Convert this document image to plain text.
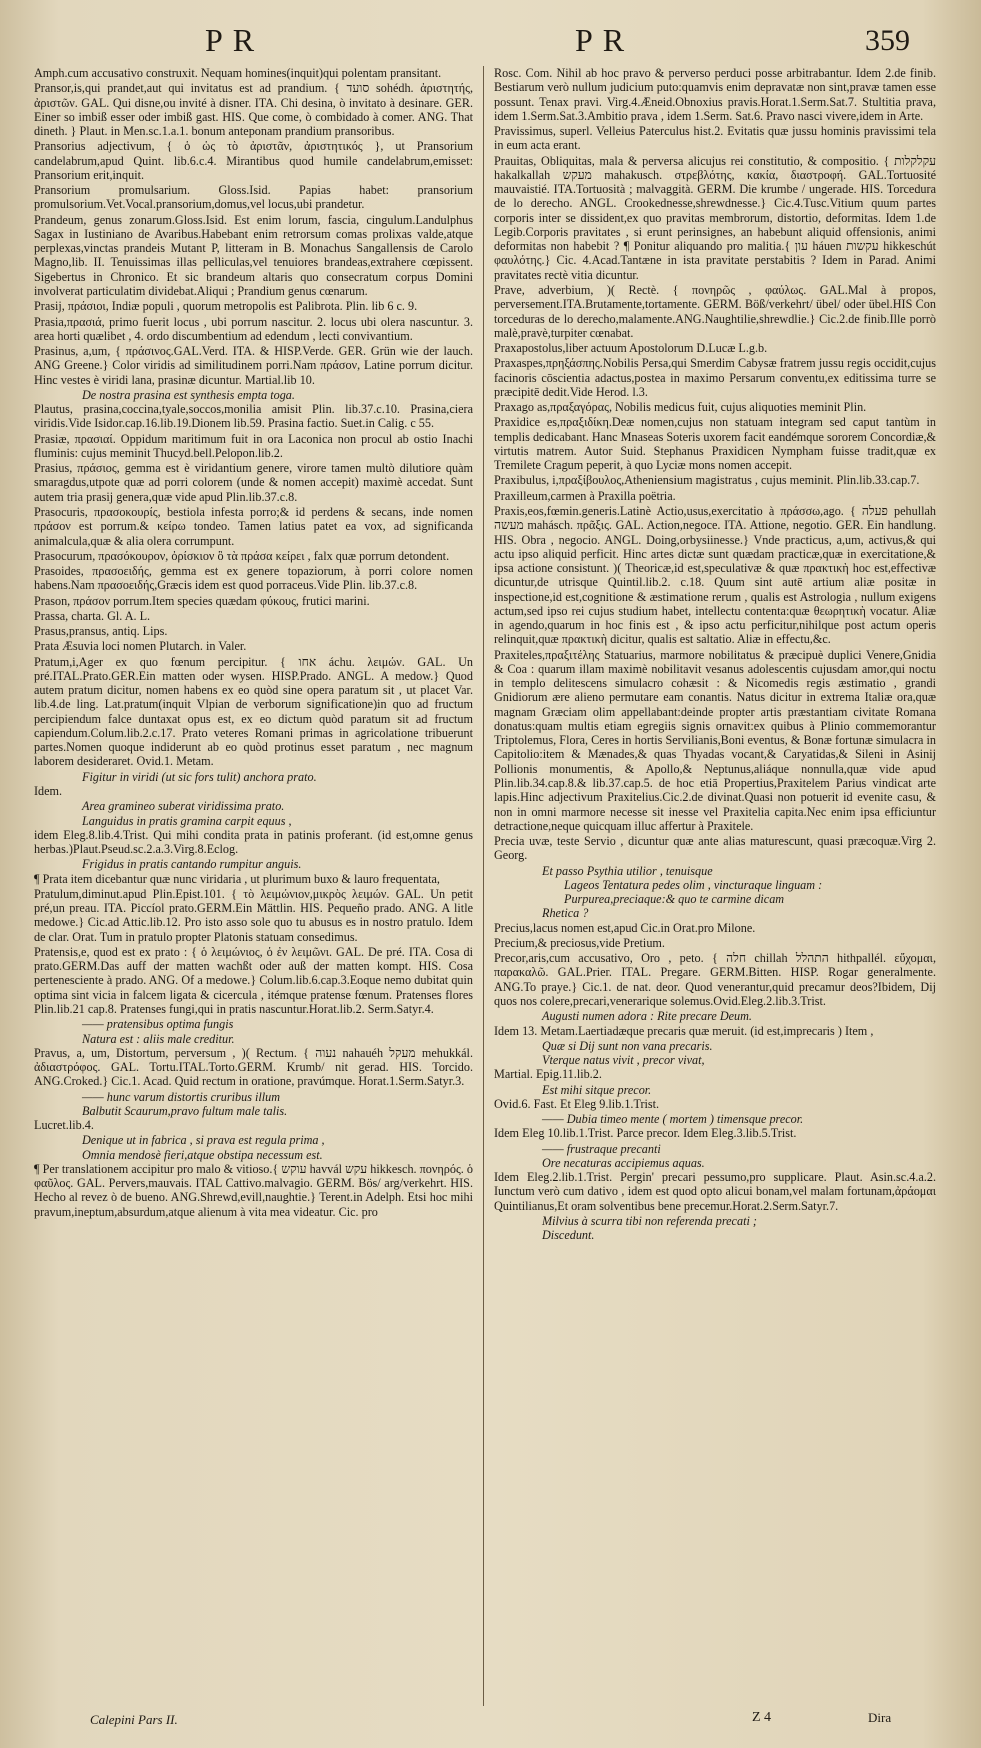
PR	PR	359

Amph.cum accusativo construxit. Nequam homines(inquit)qui polentam pransitant.

Pransor,is,qui prandet,aut qui invitatus est ad prandium. { סועד sohédh. ἀριστητής, ἀριστῶν. GAL. Qui disne,ou invité à disner. ITA. Chi desina, ò invitato à desinare. GER. Einer so imbiß esser oder imbiß gast. HIS. Que come, ò combidado à comer. ANG. That dineth. } Plaut. in Men.sc.1.a.1. bonum anteponam prandium pransoribus.

Pransorius adjectivum, { ὁ ὡς τὸ ἀριστᾶν, ἀριστητικός }, ut Pransorium candelabrum,apud Quint. lib.6.c.4. Mirantibus quod humile candelabrum,emisset: Pransorium erit,inquit.

Pransorium promulsarium. Gloss.Isid. Papias habet: pransorium promulsorium.Vet.Vocal.pransorium,domus,vel locus,ubi prandetur.

Prandeum, genus zonarum.Gloss.Isid. Est enim lorum, fascia, cingulum.Landulphus Sagax in Iustiniano de Avaribus.Habebant enim retrorsum comas prolixas valde,atque perplexas,vinctas prandeis Mutant P, litteram in B. Monachus Sangallensis de Carolo Magno,lib. II. Tenuissimas illas pelliculas,vel tenuiores brandeas,extrahere cœpissent. Sigebertus in Chronico. Et sic brandeum altaris quo consecratum corpus Domini involverat particulatim dividebat.Aliqui ; Prandium genus cœnarum.

Prasij, πράσιοι, Indiæ populi , quorum metropolis est Palibrota. Plin. lib 6 c. 9.

Prasia,πρασιά, primo fuerit locus , ubi porrum nascitur. 2. locus ubi olera nascuntur. 3. area horti quælibet , 4. ordo discumbentium ad edendum , lecti convivantium.

Prasinus, a,um, { πράσινος.GAL.Verd. ITA. & HISP.Verde. GER. Grün wie der lauch. ANG Greene.} Color viridis ad similitudinem porri.Nam πράσον, Latine porrum dicitur. Hinc vestes è viridi lana, prasinæ dicuntur. Martial.lib 10.

De nostra prasina est synthesis empta toga.

Plautus, prasina,coccina,tyale,soccos,monilia amisit Plin. lib.37.c.10. Prasina,ciera viridis.Vide Isidor.cap.16.lib.19.Dionem lib.59. Prasina factio. Suet.in Calig. c 55.

Prasiæ, πρασιαί. Oppidum maritimum fuit in ora Laconica non procul ab ostio Inachi fluminis: cujus meminit Thucyd.bell.Pelopon.lib.2.

Prasius, πράσιος, gemma est è viridantium genere, virore tamen multò dilutiore quàm smaragdus,utpote quæ ad porri colorem (unde & nomen accepit) maximè accedat. Sunt autem tria prasij genera,quæ vide apud Plin.lib.37.c.8.

Prasocuris, πρασοκουρίς, bestiola infesta porro;& id perdens & secans, inde nomen πράσον est porrum.& κείρω tondeo. Tamen latius patet ea vox, ad significanda animalcula,quæ & alia olera corrumpunt.

Prasocurum, πρασόκουρον, ὀρίσκιον ὃ τὰ πράσα κείρει , falx quæ porrum detondent.

Prasoides, πρασοειδής, gemma est ex genere topaziorum, à porri colore nomen habens.Nam πρασοειδής,Græcis idem est quod porraceus.Vide Plin. lib.37.c.8.

Prason, πράσον porrum.Item species quædam φύκους, frutici marini.

Prassa, charta. Gl. A. L.

Prasus,pransus, antiq. Lips.

Prata Æsuvia loci nomen Plutarch. in Valer.

Pratum,i,Ager ex quo fœnum percipitur. { אחו áchu. λειμών. GAL. Un pré.ITAL.Prato.GER.Ein matten oder wysen. HISP.Prado. ANGL. A medow.} Quod autem pratum dicitur, nomen habens ex eo quòd sine opera paratum sit , ut placet Var. lib.4.de ling. Lat.pratum(inquit Vlpian de verborum significatione)in quo ad fructum percipiendum falce duntaxat opus est, ex eo dictum quòd paratum sit ad fructum capiendum.Colum.lib.2.c.17. Prato veteres Romani primas in agricolatione tribuerunt partes.Nomen quoque indiderunt ab eo quòd protinus esset paratum , nec magnum laborem desideraret. Ovid.1. Metam.

Figitur in viridi (ut sic fors tulit) anchora prato.

Idem.

Area gramineo suberat viridissima prato.

Languidus in pratis gramina carpit equus ,

idem Eleg.8.lib.4.Trist. Qui mihi condita prata in patinis proferant. (id est,omne genus herbas.)Plaut.Pseud.sc.2.a.3.Virg.8.Eclog.

Frigidus in pratis cantando rumpitur anguis.

¶ Prata item dicebantur quæ nunc viridaria , ut plurimum buxo & lauro frequentata,

Pratulum,diminut.apud Plin.Epist.101. { τὸ λειμώνιον,μικρὸς λειμών. GAL. Un petit pré,un preau. ITA. Piccíol prato.GERM.Ein Mättlin. HIS. Pequeño prado. ANG. A litle medowe.} Cic.ad Attic.lib.12. Pro isto asso sole quo tu abusus es in nostro pratulo. Idem de clar. Orat. Tum in pratulo propter Platonis statuam consedimus.

Pratensis,e, quod est ex prato : { ὁ λειμώνιος, ὁ ἐν λειμῶνι. GAL. De pré. ITA. Cosa di prato.GERM.Das auff der matten wachßt oder auß der matten kompt. HIS. Cosa pertenesciente à prado. ANG. Of a medowe.} Colum.lib.6.cap.3.Eoque nemo dubitat quin optima sint vicia in falcem ligata & cicercula , itémque pratense fœnum. Pratenses flores Plin.lib.21 cap.8. Pratenses fungi,qui in pratis nascuntur.Horat.lib.2. Serm.Satyr.4.

—— pratensibus optima fungis

Natura est : aliis male creditur.

Pravus, a, um, Distortum, perversum , )( Rectum. { נעוה nahauéh מעקל mehukkál. ἀδιαστρόφος. GAL. Tortu.ITAL.Torto.GERM. Krumb/ nit gerad. HIS. Torcido. ANG.Croked.} Cic.1. Acad. Quid rectum in oratione, pravúmque. Horat.1.Serm.Satyr.3.

—— hunc varum distortis cruribus illum

Balbutit Scaurum,pravo fultum male talis.

Lucret.lib.4.

Denique ut in fabrica , si prava est regula prima ,

Omnia mendosè fieri,atque obstipa necessum est.

¶ Per translationem accipitur pro malo & vitioso.{ עוקש havvál עקש hikkesch. πονηρός. ὁ φαῦλος. GAL. Pervers,mauvais. ITAL Cattivo.malvagio. GERM. Bös/ arg/verkehrt. HIS. Hecho al revez ò de bueno. ANG.Shrewd,evill,naughtie.} Terent.in Adelph. Etsi hoc mihi pravum,ineptum,absurdum,atque alienum à vita mea videatur. Cic. pro

Rosc. Com. Nihil ab hoc pravo & perverso perduci posse arbitrabantur. Idem 2.de finib. Bestiarum verò nullum judicium puto:quamvis enim depravatæ non sint,pravæ tamen esse possunt. Tenax pravi. Virg.4.Æneid.Obnoxius pravis.Horat.1.Serm.Sat.7. Stultitia prava, idem 1.Serm.Sat.3.Ambitio prava , idem 1.Serm. Sat.6. Pravo nasci vivere,idem in Arte.

Pravissimus, superl. Velleius Paterculus hist.2. Evitatis quæ jussu hominis pravissimi tela in eum acta erant.

Prauitas, Obliquitas, mala & perversa alicujus rei constitutio, & compositio. { עקלקלות hakalkallah מעקש mahakusch. στρεβλότης, κακία, διαστροφή. GAL.Tortuosité mauvaistié. ITA.Tortuosità ; malvaggità. GERM. Die krumbe / ungerade. HIS. Torcedura de lo derecho. ANGL. Crookednesse,shrewdnesse.} Cic.4.Tusc.Vitium quum partes corporis inter se dissident,ex quo pravitas membrorum, distortio, deformitas. Idem 1.de Legib.Corporis pravitates , si erunt perinsignes, an habebunt aliquid offensionis, animi deformitas non habebit ? ¶ Ponitur aliquando pro malitia.{ עון háuen עקשות hikkeschút φαυλότης.} Cic. 4.Acad.Tantæne in ista pravitate perstabitis ? Idem in Parad. Animi pravitates rectè vitia dicuntur.

Prave, adverbium, )( Rectè. { πονηρῶς , φαύλως. GAL.Mal à propos, perversement.ITA.Brutamente,tortamente. GERM. Böß/verkehrt/ übel/ oder übel.HIS Con torceduras de lo derecho,malamente.ANG.Naughtilie,shrewdlie.} Cic.2.de finib.Ille porrò malè,pravè,turpiter cœnabat.

Praxapostolus,liber actuum Apostolorum D.Lucæ L.g.b.

Praxaspes,πρηξάσπης.Nobilis Persa,qui Smerdim Cabysæ fratrem jussu regis occidit,cujus facinoris cōscientia adactus,postea in maximo Persarum conventu,ex editissima turre se præcipitē dedit.Vide Herod. l.3.

Praxago as,πραξαγόρας, Nobilis medicus fuit, cujus aliquoties meminit Plin.

Praxidice es,πραξιδίκη.Deæ nomen,cujus non statuam integram sed caput tantùm in templis dedicabant. Hanc Mnaseas Soteris uxorem facit eandémque sororem Concordiæ,& virtutis matrem. Autor Suid. Stephanus Praxidicen Nympham fuisse tradit,quæ ex Tremilete Cragum peperit, à quo Lyciæ mons nomen accepit.

Praxibulus, i,πραξίβουλος,Atheniensium magistratus , cujus meminit. Plin.lib.33.cap.7.

Praxilleum,carmen à Praxilla poëtria.

Praxis,eos,fœmin.generis.Latinè Actio,usus,exercitatio à πράσσω,ago. { פעלה pehullah מעשה mahásch. πρᾶξις. GAL. Action,negoce. ITA. Attione, negotio. GER. Ein handlung. HIS. Obra , negocio. ANGL. Doing,orbysiinesse.} Vnde practicus, a,um, activus,& qui actu ipso aliquid perficit. Hinc artes dictæ sunt quædam practicæ,quæ in exercitatione,& ipsa actione consistunt. )( Theoricæ,id est,speculativæ & quæ πρακτικὴ hoc est,effectivæ dicuntur,de utrisque Quintil.lib.2. c.18. Quum sint autē artium aliæ positæ in inspectione,id est,cognitione & æstimatione rerum , qualis est Astrologia , nullum exigens actum,sed ipso rei cujus studium habet, intellectu contenta:quæ θεωρητικὴ vocatur. Aliæ in agendo,quarum in hoc finis est , & ipso actu perficitur,nihilque post actum operis relinquit,quæ πρακτικὴ dicitur, qualis est saltatio. Aliæ in effectu,&c.

Praxiteles,πραξιτέλης Statuarius, marmore nobilitatus & præcipuè duplici Venere,Gnidia & Coa : quarum illam maximè nobilitavit vesanus adolescentis cujusdam amor,qui noctu in templo delitescens simulacro cohæsit : & Nicomedis regis æstimatio , grandi Gnidiorum ære alieno permutare eam conantis. Natus dicitur in extrema Italiæ ora,quæ magnam Græciam olim appellabant:deinde propter artis præstantiam civitate Romana donatus:quam multis etiam egregiis signis ornavit:ex quibus à Plinio commemorantur Triptolemus, Flora, Ceres in hortis Servilianis,Boni eventus, & Bonæ fortunæ simulacra in Capitolio:item & Mænades,& quas Thyadas vocant,& Caryatidas,& Sileni in Asinij Pollionis monumentis, & Apollo,& Neptunus,aliáque nonnulla,quæ vide apud Plin.lib.34.cap.8.& lib.37.cap.5. de hoc etiā Propertius,Praxitelem Parius vindicat arte lapis.Hinc adjectivum Praxitelius.Cic.2.de divinat.Quasi non potuerit id evenite casu, & non in omni marmore necesse sit inesse vel Praxitelia capita.Nec enim ipsa efficiuntur detractione,neque quicquam illuc affertur à Praxitele.

Precia uvæ, teste Servio , dicuntur quæ ante alias maturescunt, quasi præcoquæ.Virg 2. Georg.

Et passo Psythia utilior , tenuisque

Lageos Tentatura pedes olim , vincturaque linguam :

Purpurea,preciaque:& quo te carmine dicam

Rhetica ?

Precius,lacus nomen est,apud Cic.in Orat.pro Milone.

Precium,& preciosus,vide Pretium.

Precor,aris,cum accusativo, Oro , peto. { חלה chillah התהלל hithpallél. εὔχομαι, παρακαλῶ. GAL.Prier. ITAL. Pregare. GERM.Bitten. HISP. Rogar generalmente. ANG.To praye.} Cic.1. de nat. deor. Quod venerantur,quid precamur deos?Ibidem, Dij quos nos colere,precari,venerarique solemus.Ovid.Eleg.2.lib.3.Trist.

Augusti numen adora : Rite precare Deum.

Idem 13. Metam.Laertiadæque precaris quæ meruit. (id est,imprecaris ) Item ,

Quæ si Dij sunt non vana precaris.

Vterque natus vivit , precor vivat,

Martial. Epig.11.lib.2.

Est mihi sitque precor.

Ovid.6. Fast. Et Eleg 9.lib.1.Trist.

—— Dubia timeo mente ( mortem ) timensque precor.

Idem Eleg 10.lib.1.Trist. Parce precor. Idem Eleg.3.lib.5.Trist.

—— frustraque precanti

Ore necaturas accipiemus aquas.

Idem Eleg.2.lib.1.Trist. Pergin' precari pessumo,pro supplicare. Plaut. Asin.sc.4.a.2. Iunctum verò cum dativo , idem est quod opto alicui bonam,vel malam fortunam,ἀράομαι Quintilianus,Et oram solventibus bene precemur.Horat.2.Serm.Satyr.7.

Milvius à scurra tibi non referenda precati ;

Discedunt.

Calepini Pars II.	Z 4	Dira
